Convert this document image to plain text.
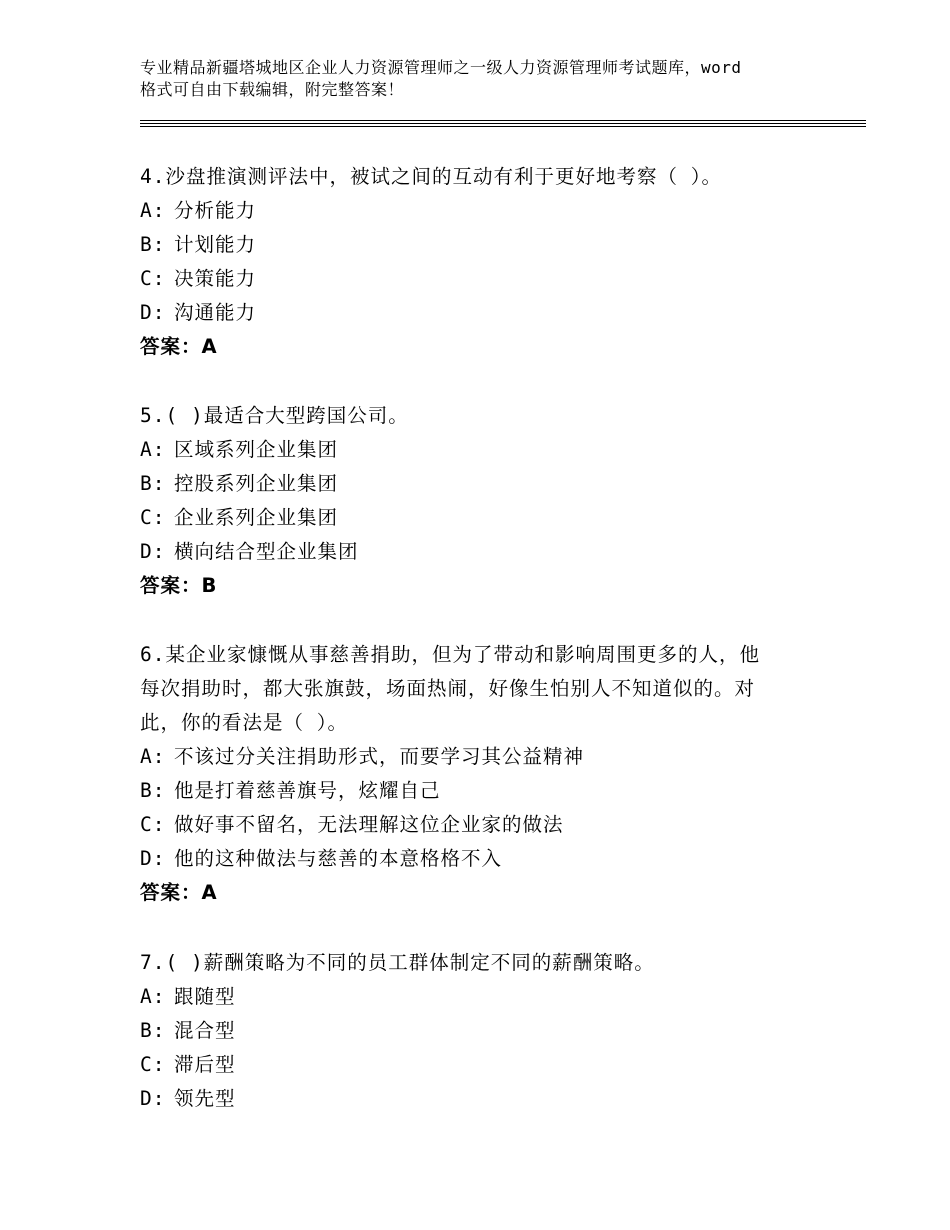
专业精品新疆塔城地区企业人力资源管理师之一级人力资源管理师考试题库，word
格式可自由下载编辑，附完整答案！
4.沙盘推演测评法中，被试之间的互动有利于更好地考察（ ）。
A: 分析能力
B: 计划能力
C: 决策能力
D: 沟通能力
答案：A
5.( )最适合大型跨国公司。
A: 区域系列企业集团
B: 控股系列企业集团
C: 企业系列企业集团
D: 横向结合型企业集团
答案：B
6.某企业家慷慨从事慈善捐助，但为了带动和影响周围更多的人，他
每次捐助时，都大张旗鼓，场面热闹，好像生怕别人不知道似的。对
此，你的看法是（ ）。
A: 不该过分关注捐助形式，而要学习其公益精神
B: 他是打着慈善旗号，炫耀自己
C: 做好事不留名，无法理解这位企业家的做法
D: 他的这种做法与慈善的本意格格不入
答案：A
7.( )薪酬策略为不同的员工群体制定不同的薪酬策略。
A: 跟随型
B: 混合型
C: 滞后型
D: 领先型
